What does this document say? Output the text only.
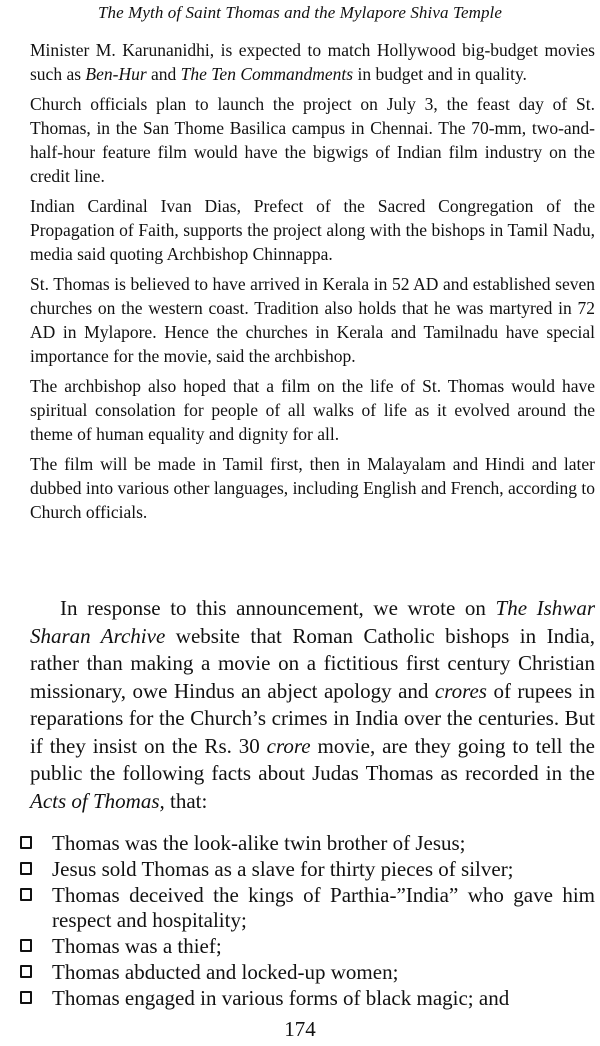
The Myth of Saint Thomas and the Mylapore Shiva Temple

Minister M. Karunanidhi, is expected to match Hollywood big-budget movies such as Ben-Hur and The Ten Commandments in budget and in quality.

Church officials plan to launch the project on July 3, the feast day of St. Thomas, in the San Thome Basilica campus in Chennai. The 70-mm, two-and-half-hour feature film would have the bigwigs of Indian film industry on the credit line.

Indian Cardinal Ivan Dias, Prefect of the Sacred Congregation of the Propagation of Faith, supports the project along with the bishops in Tamil Nadu, media said quoting Archbishop Chinnappa.

St. Thomas is believed to have arrived in Kerala in 52 AD and established seven churches on the western coast. Tradition also holds that he was martyred in 72 AD in Mylapore. Hence the churches in Kerala and Tamilnadu have special importance for the movie, said the archbishop.

The archbishop also hoped that a film on the life of St. Thomas would have spiritual consolation for people of all walks of life as it evolved around the theme of human equality and dignity for all.

The film will be made in Tamil first, then in Malayalam and Hindi and later dubbed into various other languages, including English and French, according to Church officials.

In response to this announcement, we wrote on The Ishwar Sharan Archive website that Roman Catholic bishops in India, rather than making a movie on a fictitious first century Christian missionary, owe Hindus an abject apology and crores of rupees in reparations for the Church’s crimes in India over the centuries. But if they insist on the Rs. 30 crore movie, are they going to tell the public the following facts about Judas Thomas as recorded in the Acts of Thomas, that:

Thomas was the look-alike twin brother of Jesus;
Jesus sold Thomas as a slave for thirty pieces of silver;
Thomas deceived the kings of Parthia-”India” who gave him respect and hospitality;
Thomas was a thief;
Thomas abducted and locked-up women;
Thomas engaged in various forms of black magic; and
174
